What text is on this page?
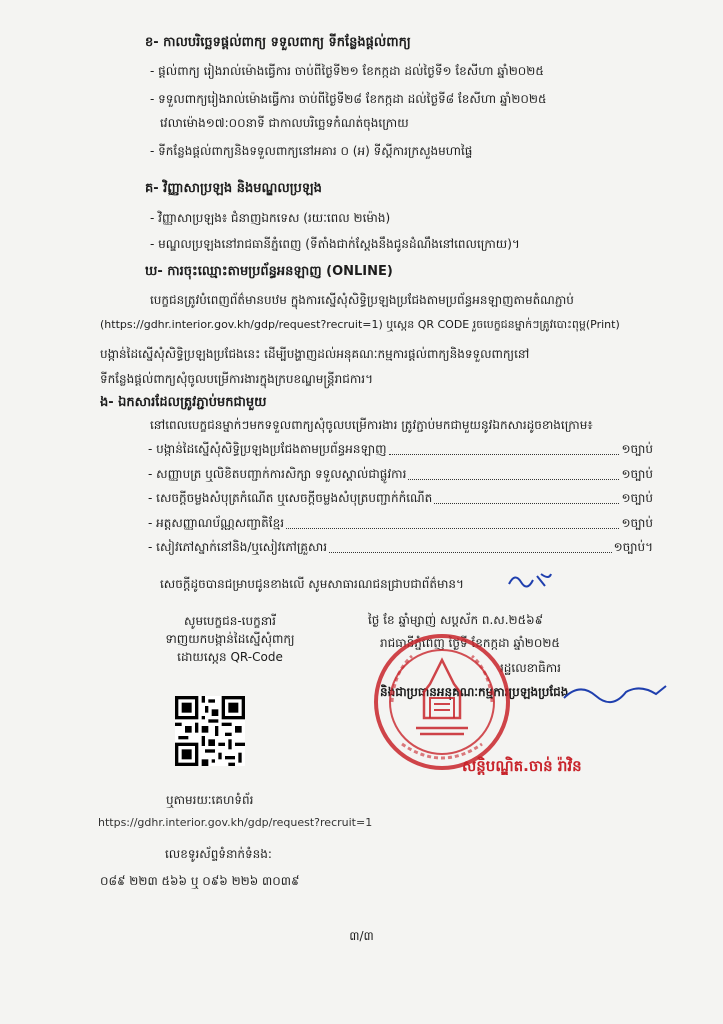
ខ- កាលបរិច្ឆេទផ្ដល់ពាក្យ ទទួលពាក្យ ទីកន្លែងផ្ដល់ពាក្យ
- ផ្ដល់ពាក្យ រៀងរាល់ម៉ោងធ្វើការ ចាប់ពីថ្ងៃទី២១ ខែកក្កដា ដល់ថ្ងៃទី១ ខែសីហា ឆ្នាំ២០២៥
- ទទួលពាក្យរៀងរាល់ម៉ោងធ្វើការ ចាប់ពីថ្ងៃទី២៨ ខែកក្កដា ដល់ថ្ងៃទី៨ ខែសីហា ឆ្នាំ២០២៥
វេលាម៉ោង១៧:០០នាទី ជាកាលបរិច្ឆេទកំណត់ចុងក្រោយ
- ទីកន្លែងផ្ដល់ពាក្យនិងទទួលពាក្យនៅអគារ ០ (អ) ទីស្ដីការក្រសួងមហាផ្ទៃ
គ- វិញ្ញាសាប្រឡង និងមណ្ឌលប្រឡង
- វិញ្ញាសាប្រឡង៖ ជំនាញឯកទេស (រយៈពេល ២ម៉ោង)
- មណ្ឌលប្រឡងនៅរាជធានីភ្នំពេញ (ទីតាំងជាក់ស្ដែងនឹងជូនដំណឹងនៅពេលក្រោយ)។
ឃ- ការចុះឈ្មោះតាមប្រព័ន្ធអនឡាញ (ONLINE)
បេក្ខជនត្រូវបំពេញព័ត៌មានបឋម ក្នុងការស្នើសុំសិទ្ធិប្រឡងប្រជែងតាមប្រព័ន្ធអនឡាញតាមតំណភ្ជាប់
(https://gdhr.interior.gov.kh/gdp/request?recruit=1) ឬស្កេន QR CODE រួចបេក្ខជនម្នាក់ៗត្រូវបោះពុម្ព(Print)
បង្កាន់ដៃស្នើសុំសិទ្ធិប្រឡងប្រជែងនេះ ដើម្បីបង្ហាញដល់អនុគណៈកម្មការផ្ដល់ពាក្យនិងទទួលពាក្យនៅ
ទីកន្លែងផ្ដល់ពាក្យសុំចូលបម្រើការងារក្នុងក្របខណ្ឌមន្ត្រីរាជការ។
ង- ឯកសារដែលត្រូវភ្ជាប់មកជាមួយ
នៅពេលបេក្ខជនម្នាក់ៗមកទទួលពាក្យសុំចូលបម្រើការងារ ត្រូវភ្ជាប់មកជាមួយនូវឯកសារដូចខាងក្រោម៖
- បង្កាន់ដៃស្នើសុំសិទ្ធិប្រឡងប្រជែងតាមប្រព័ន្ធអនឡាញ	១ច្បាប់
- សញ្ញាបត្រ ឬលិខិតបញ្ជាក់ការសិក្សា ទទួលស្គាល់ជាផ្លូវការ	១ច្បាប់
- សេចក្ដីចម្លងសំបុត្រកំណើត ឬសេចក្ដីចម្លងសំបុត្របញ្ជាក់កំណើត	១ច្បាប់
- អត្តសញ្ញាណប័ណ្ណសញ្ជាតិខ្មែរ	១ច្បាប់
- សៀវភៅស្នាក់នៅនិង/ឬសៀវភៅគ្រួសារ	១ច្បាប់។
សេចក្ដីដូចបានជម្រាបជូនខាងលើ សូមសាធារណជនជ្រាបជាព័ត៌មាន។
សូមបេក្ខជន-បេក្ខនារី
ទាញយកបង្កាន់ដៃស្នើសុំពាក្យ
ដោយស្កេន QR-Code
ឬតាមរយៈគេហទំព័រ
https://gdhr.interior.gov.kh/gdp/request?recruit=1
លេខទូរស័ព្ទទំនាក់ទំនង:
០៨៩ ២២៣ ៥៦៦ ឬ ០៩៦ ២២៦ ៣០៣៩
ថ្ងៃ ខែ ឆ្នាំម្សាញ់ សប្ដស័ក ព.ស.២៥៦៩
រាជធានីភ្នំពេញ ថ្ងៃទី ខែកក្កដា ឆ្នាំ២០២៥
រដ្ឋលេខាធិការ
និងជាប្រធានអនុគណៈកម្មការប្រឡងប្រជែង
សន្តិបណ្ឌិត.ចាន់ រ៉ាវិន
៣/៣
